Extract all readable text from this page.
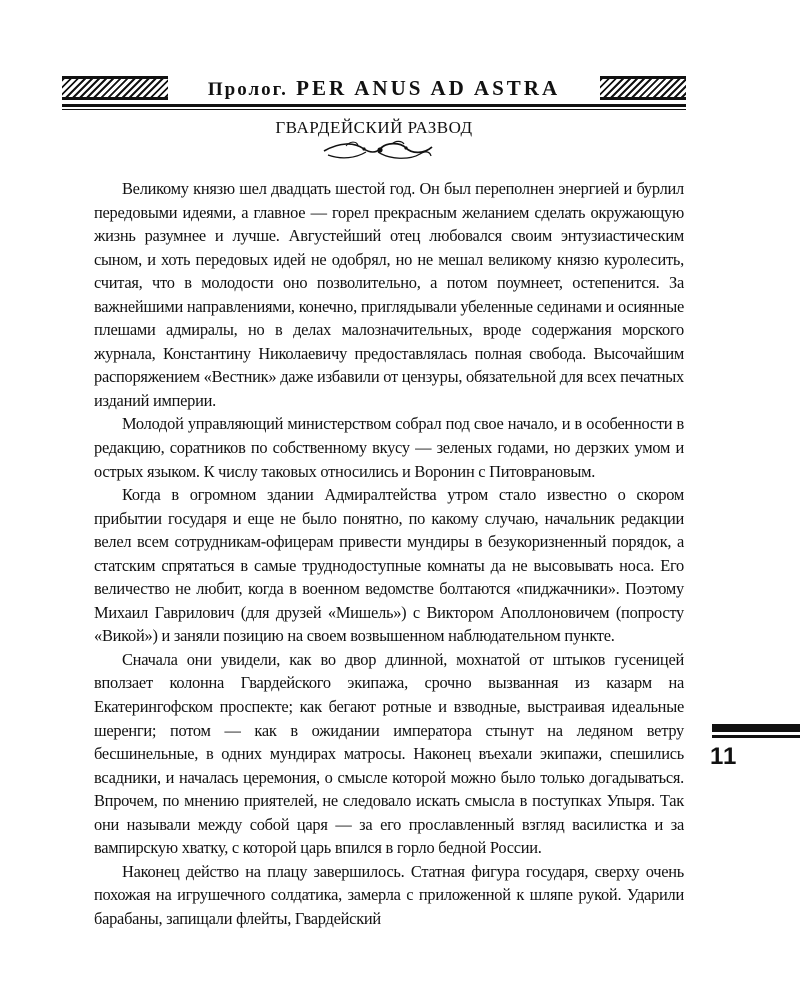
Пролог. PER ANUS AD ASTRA
ГВАРДЕЙСКИЙ РАЗВОД

Великому князю шел двадцать шестой год. Он был переполнен энергией и бурлил передовыми идеями, а главное — горел прекрасным желанием сделать окружающую жизнь разумнее и лучше. Августейший отец любовался своим энтузиастическим сыном, и хоть передовых идей не одобрял, но не мешал великому князю куролесить, считая, что в молодости оно позволительно, а потом поумнеет, остепенится. За важнейшими направлениями, конечно, приглядывали убеленные сединами и осиянные плешами адмиралы, но в делах малозначительных, вроде содержания морского журнала, Константину Николаевичу предоставлялась полная свобода. Высочайшим распоряжением «Вестник» даже избавили от цензуры, обязательной для всех печатных изданий империи.

Молодой управляющий министерством собрал под свое начало, и в особенности в редакцию, соратников по собственному вкусу — зеленых годами, но дерзких умом и острых языком. К числу таковых относились и Воронин с Питоврановым.

Когда в огромном здании Адмиралтейства утром стало известно о скором прибытии государя и еще не было понятно, по какому случаю, начальник редакции велел всем сотрудникам-офицерам привести мундиры в безукоризненный порядок, а статским спрятаться в самые труднодоступные комнаты да не высовывать носа. Его величество не любит, когда в военном ведомстве болтаются «пиджачники». Поэтому Михаил Гаврилович (для друзей «Мишель») с Виктором Аполлоновичем (попросту «Викой») и заняли позицию на своем возвышенном наблюдательном пункте.

Сначала они увидели, как во двор длинной, мохнатой от штыков гусеницей вползает колонна Гвардейского экипажа, срочно вызванная из казарм на Екатерингофском проспекте; как бегают ротные и взводные, выстраивая идеальные шеренги; потом — как в ожидании императора стынут на ледяном ветру бесшинельные, в одних мундирах матросы. Наконец въехали экипажи, спешились всадники, и началась церемония, о смысле которой можно было только догадываться. Впрочем, по мнению приятелей, не следовало искать смысла в поступках Упыря. Так они называли между собой царя — за его прославленный взгляд василистка и за вампирскую хватку, с которой царь впился в горло бедной России.

Наконец действо на плацу завершилось. Статная фигура государя, сверху очень похожая на игрушечного солдатика, замерла с приложенной к шляпе рукой. Ударили барабаны, запищали флейты, Гвардейский

11
